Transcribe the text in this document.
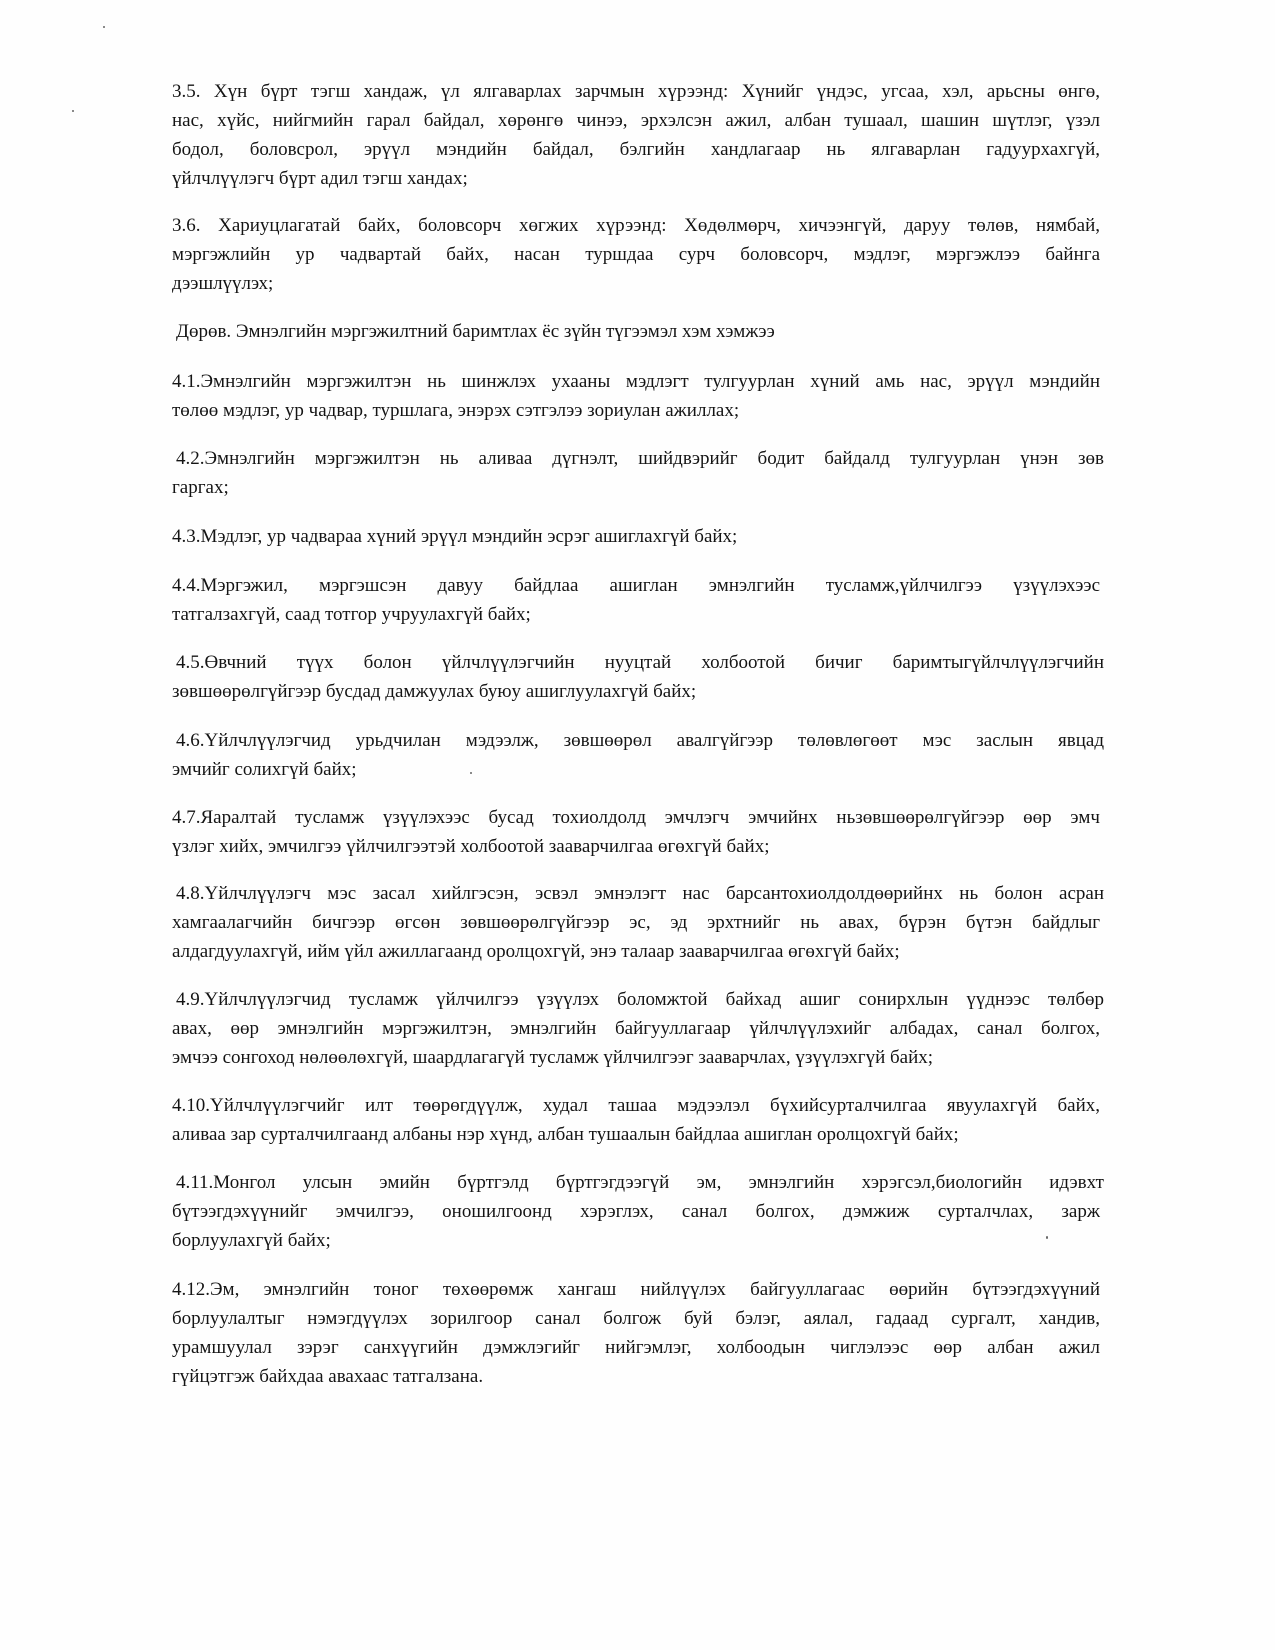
3.5. Хүн бүрт тэгш хандаж, үл ялгаварлах зарчмын хүрээнд: Хүнийг үндэс, угсаа, хэл, арьсны өнгө,
нас, хүйс, нийгмийн гарал байдал, хөрөнгө чинээ, эрхэлсэн ажил, албан тушаал, шашин шүтлэг, үзэл
бодол, боловсрол, эрүүл мэндийн байдал, бэлгийн хандлагаар нь ялгаварлан гадуурхахгүй,
үйлчлүүлэгч бүрт адил тэгш хандах;
3.6. Хариуцлагатай байх, боловсорч хөгжих хүрээнд: Хөдөлмөрч, хичээнгүй, даруу төлөв, нямбай,
мэргэжлийн ур чадвартай байх, насан туршдаа сурч боловсорч, мэдлэг, мэргэжлээ байнга
дээшлүүлэх;
Дөрөв. Эмнэлгийн мэргэжилтний баримтлах ёс зүйн түгээмэл хэм хэмжээ
4.1.Эмнэлгийн мэргэжилтэн нь шинжлэх ухааны мэдлэгт тулгуурлан хүний амь нас, эрүүл мэндийн
төлөө мэдлэг, ур чадвар, туршлага, энэрэх сэтгэлээ зориулан ажиллах;
4.2.Эмнэлгийн мэргэжилтэн нь аливаа дүгнэлт, шийдвэрийг бодит байдалд тулгуурлан үнэн зөв
гаргах;
4.3.Мэдлэг, ур чадвараа хүний эрүүл мэндийн эсрэг ашиглахгүй байх;
4.4.Мэргэжил, мэргэшсэн давуу байдлаа ашиглан эмнэлгийн тусламж,үйлчилгээ үзүүлэхээс
татгалзахгүй, саад тотгор учруулахгүй байх;
4.5.Өвчний түүх болон үйлчлүүлэгчийн нууцтай холбоотой бичиг баримтыгүйлчлүүлэгчийн
зөвшөөрөлгүйгээр бусдад дамжуулах буюу ашиглуулахгүй байх;
4.6.Үйлчлүүлэгчид урьдчилан мэдээлж, зөвшөөрөл авалгүйгээр төлөвлөгөөт мэс заслын явцад
эмчийг солихгүй байх;
4.7.Яаралтай тусламж үзүүлэхээс бусад тохиолдолд эмчлэгч эмчийнх ньзөвшөөрөлгүйгээр өөр эмч
үзлэг хийх, эмчилгээ үйлчилгээтэй холбоотой зааварчилгаа өгөхгүй байх;
4.8.Үйлчлүүлэгч мэс засал хийлгэсэн, эсвэл эмнэлэгт нас барсантохиолдолдөөрийнх нь болон асран
хамгаалагчийн бичгээр өгсөн зөвшөөрөлгүйгээр эс, эд эрхтнийг нь авах, бүрэн бүтэн байдлыг
алдагдуулахгүй, ийм үйл ажиллагаанд оролцохгүй, энэ талаар зааварчилгаа өгөхгүй байх;
4.9.Үйлчлүүлэгчид тусламж үйлчилгээ үзүүлэх боломжтой байхад ашиг сонирхлын үүднээс төлбөр
авах, өөр эмнэлгийн мэргэжилтэн, эмнэлгийн байгууллагаар үйлчлүүлэхийг албадах, санал болгох,
эмчээ сонгоход нөлөөлөхгүй, шаардлагагүй тусламж үйлчилгээг зааварчлах, үзүүлэхгүй байх;
4.10.Үйлчлүүлэгчийг илт төөрөгдүүлж, худал ташаа мэдээлэл бүхийсурталчилгаа явуулахгүй байх,
аливаа зар сурталчилгаанд албаны нэр хүнд, албан тушаалын байдлаа ашиглан оролцохгүй байх;
4.11.Монгол улсын эмийн бүртгэлд бүртгэгдээгүй эм, эмнэлгийн хэрэгсэл,биологийн идэвхт
бүтээгдэхүүнийг эмчилгээ, оношилгоонд хэрэглэх, санал болгох, дэмжиж сурталчлах, зарж
борлуулахгүй байх;
4.12.Эм, эмнэлгийн тоног төхөөрөмж хангаш нийлүүлэх байгууллагаас өөрийн бүтээгдэхүүний
борлуулалтыг нэмэгдүүлэх зорилгоор санал болгож буй бэлэг, аялал, гадаад сургалт, хандив,
урамшуулал зэрэг санхүүгийн дэмжлэгийг нийгэмлэг, холбоодын чиглэлээс өөр албан ажил
гүйцэтгэж байхдаа авахаас татгалзана.
